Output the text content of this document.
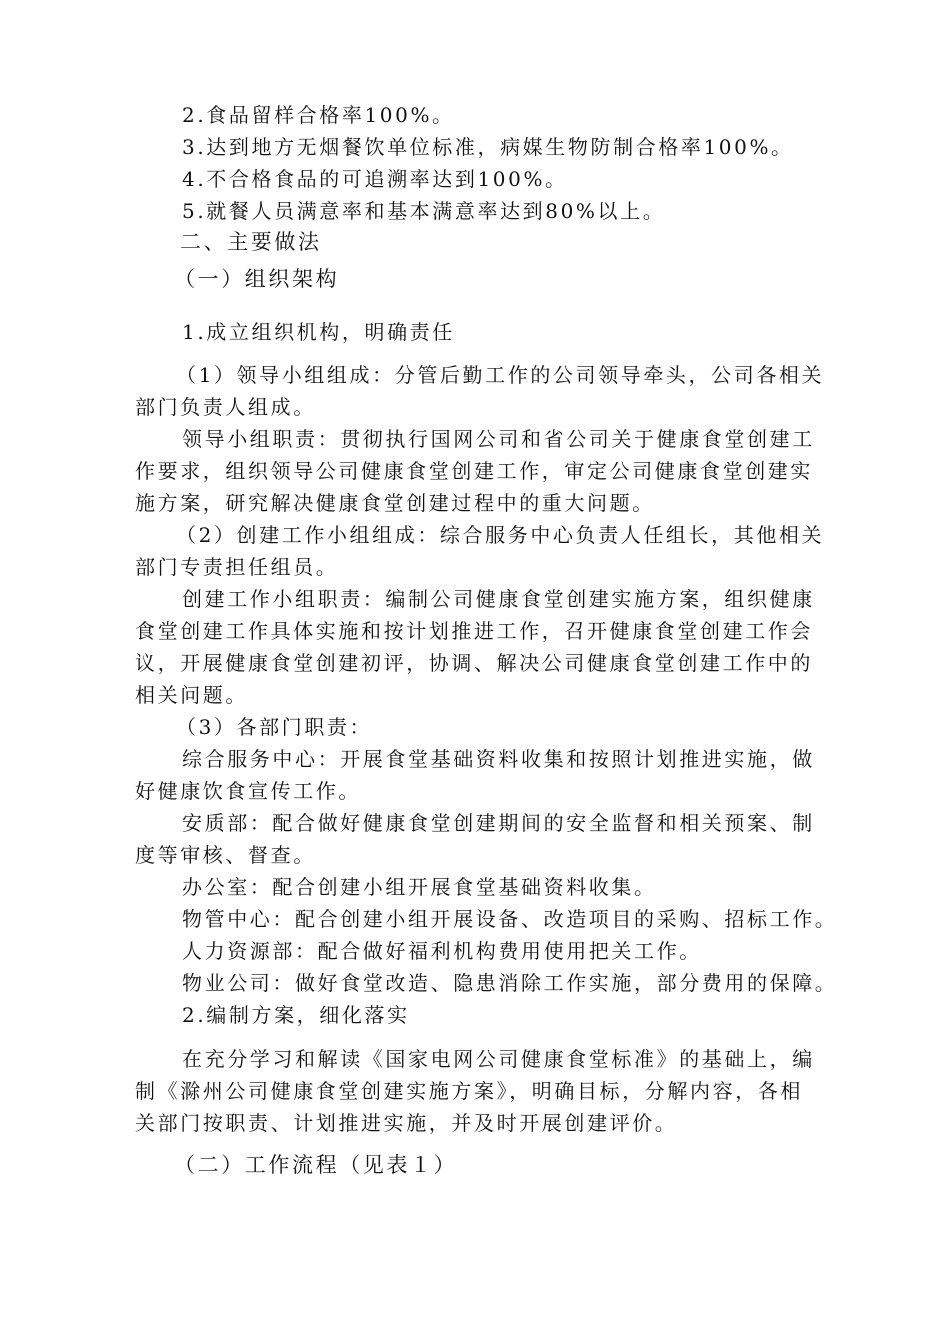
2.食品留样合格率100%。
3.达到地方无烟餐饮单位标准，病媒生物防制合格率100%。
4.不合格食品的可追溯率达到100%。
5.就餐人员满意率和基本满意率达到80%以上。
二、主要做法
（一）组织架构
1.成立组织机构，明确责任
（1）领导小组组成：分管后勤工作的公司领导牵头，公司各相关
部门负责人组成。
领导小组职责：贯彻执行国网公司和省公司关于健康食堂创建工
作要求，组织领导公司健康食堂创建工作，审定公司健康食堂创建实
施方案，研究解决健康食堂创建过程中的重大问题。
（2）创建工作小组组成：综合服务中心负责人任组长，其他相关
部门专责担任组员。
创建工作小组职责：编制公司健康食堂创建实施方案，组织健康
食堂创建工作具体实施和按计划推进工作，召开健康食堂创建工作会
议，开展健康食堂创建初评，协调、解决公司健康食堂创建工作中的
相关问题。
（3）各部门职责：
综合服务中心：开展食堂基础资料收集和按照计划推进实施，做
好健康饮食宣传工作。
安质部：配合做好健康食堂创建期间的安全监督和相关预案、制
度等审核、督查。
办公室：配合创建小组开展食堂基础资料收集。
物管中心：配合创建小组开展设备、改造项目的采购、招标工作。
人力资源部：配合做好福利机构费用使用把关工作。
物业公司：做好食堂改造、隐患消除工作实施，部分费用的保障。
2.编制方案，细化落实
在充分学习和解读《国家电网公司健康食堂标准》的基础上，编
制《滁州公司健康食堂创建实施方案》，明确目标，分解内容，各相
关部门按职责、计划推进实施，并及时开展创建评价。
（二）工作流程（见表１）
